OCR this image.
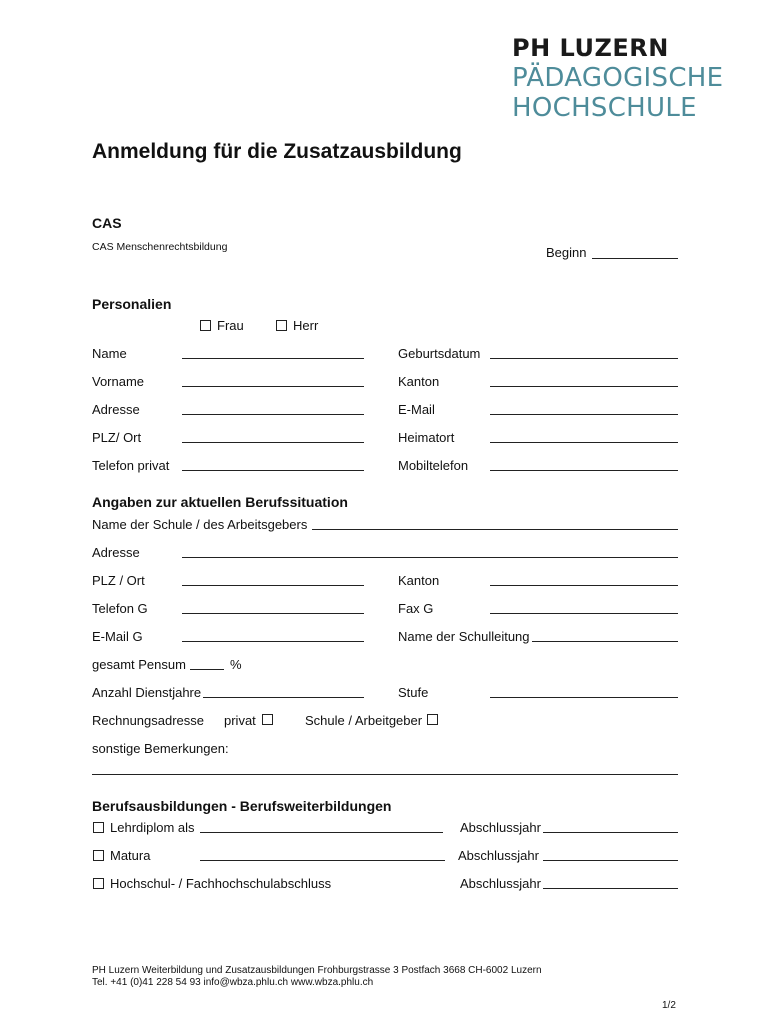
PH LUZERN
PÄDAGOGISCHE
HOCHSCHULE
Anmeldung für die Zusatzausbildung
CAS
CAS Menschenrechtsbildung	Beginn
Personalien
Frau	Herr
Name	Geburtsdatum
Vorname	Kanton
Adresse	E-Mail
PLZ/ Ort	Heimatort
Telefon privat	Mobiltelefon
Angaben zur aktuellen Berufssituation
Name der Schule / des Arbeitsgebers
Adresse
PLZ / Ort	Kanton
Telefon G	Fax G
E-Mail G	Name der Schulleitung
gesamt Pensum	%
Anzahl Dienstjahre	Stufe
Rechnungsadresse privat	Schule / Arbeitgeber
sonstige Bemerkungen:
Berufsausbildungen - Berufsweiterbildungen
Lehrdiplom als	Abschlussjahr
Matura	Abschlussjahr
Hochschul- / Fachhochschulabschluss	Abschlussjahr
PH Luzern Weiterbildung und Zusatzausbildungen Frohburgstrasse 3 Postfach 3668 CH-6002 Luzern
Tel. +41 (0)41 228 54 93 info@wbza.phlu.ch www.wbza.phlu.ch
1/2
